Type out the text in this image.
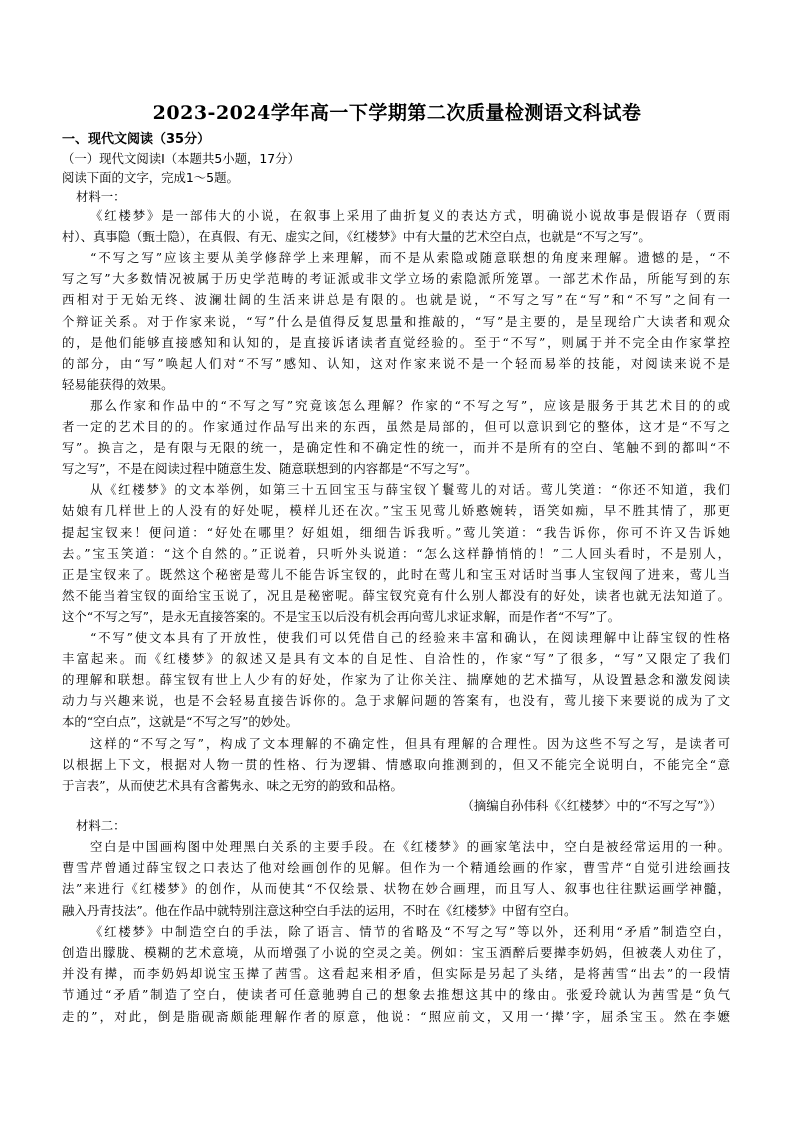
2023-2024学年高一下学期第二次质量检测语文科试卷
一、现代文阅读（35分）
（一）现代文阅读Ⅰ（本题共5小题，17分）
阅读下面的文字，完成1～5题。
材料一：
《红楼梦》是一部伟大的小说，在叙事上采用了曲折复义的表达方式，明确说小说故事是假语存（贾雨
村）、真事隐（甄士隐），在真假、有无、虚实之间，《红楼梦》中有大量的艺术空白点，也就是“不写之写”。
“不写之写”应该主要从美学修辞学上来理解，而不是从索隐或随意联想的角度来理解。遗憾的是，“不
写之写”大多数情况被属于历史学范畴的考证派或非文学立场的索隐派所笼罩。一部艺术作品，所能写到的东
西相对于无始无终、波澜壮阔的生活来讲总是有限的。也就是说，“不写之写”在“写”和“不写”之间有一
个辩证关系。对于作家来说，“写”什么是值得反复思量和推敲的，“写”是主要的，是呈现给广大读者和观众
的，是他们能够直接感知和认知的，是直接诉诸读者直觉经验的。至于“不写”，则属于并不完全由作家掌控
的部分，由“写”唤起人们对“不写”感知、认知，这对作家来说不是一个轻而易举的技能，对阅读来说不是
轻易能获得的效果。
那么作家和作品中的“不写之写”究竟该怎么理解？作家的“不写之写”，应该是服务于其艺术目的的或
者一定的艺术目的的。作家通过作品写出来的东西，虽然是局部的，但可以意识到它的整体，这才是“不写之
写”。换言之，是有限与无限的统一，是确定性和不确定性的统一，而并不是所有的空白、笔触不到的都叫“不
写之写”，不是在阅读过程中随意生发、随意联想到的内容都是“不写之写”。
从《红楼梦》的文本举例，如第三十五回宝玉与薛宝钗丫鬟莺儿的对话。莺儿笑道：“你还不知道，我们
姑娘有几样世上的人没有的好处呢，模样儿还在次。”宝玉见莺儿娇憨婉转，语笑如痴，早不胜其情了，那更
提起宝钗来！便问道：“好处在哪里？好姐姐，细细告诉我听。”莺儿笑道：“我告诉你，你可不许又告诉她
去。”宝玉笑道：“这个自然的。”正说着，只听外头说道：“怎么这样静悄悄的！”二人回头看时，不是别人，
正是宝钗来了。既然这个秘密是莺儿不能告诉宝钗的，此时在莺儿和宝玉对话时当事人宝钗闯了进来，莺儿当
然不能当着宝钗的面给宝玉说了，况且是秘密呢。薛宝钗究竟有什么别人都没有的好处，读者也就无法知道了。
这个“不写之写”，是永无直接答案的。不是宝玉以后没有机会再向莺儿求证求解，而是作者“不写”了。
“不写”使文本具有了开放性，使我们可以凭借自己的经验来丰富和确认，在阅读理解中让薛宝钗的性格
丰富起来。而《红楼梦》的叙述又是具有文本的自足性、自洽性的，作家“写”了很多，“写”又限定了我们
的理解和联想。薛宝钗有世上人少有的好处，作家为了让你关注、揣摩她的艺术描写，从设置悬念和激发阅读
动力与兴趣来说，也是不会轻易直接告诉你的。急于求解问题的答案有，也没有，莺儿接下来要说的成为了文
本的“空白点”，这就是“不写之写”的妙处。
这样的“不写之写”，构成了文本理解的不确定性，但具有理解的合理性。因为这些不写之写，是读者可
以根据上下文，根据对人物一贯的性格、行为逻辑、情感取向推测到的，但又不能完全说明白，不能完全“意
于言表”，从而使艺术具有含蓄隽永、味之无穷的韵致和品格。
（摘编自孙伟科《〈红楼梦〉中的“不写之写”》）
材料二：
空白是中国画构图中处理黑白关系的主要手段。在《红楼梦》的画家笔法中，空白是被经常运用的一种。
曹雪芹曾通过薛宝钗之口表达了他对绘画创作的见解。但作为一个精通绘画的作家，曹雪芹“自觉引进绘画技
法”来进行《红楼梦》的创作，从而使其“不仅绘景、状物在妙合画理，而且写人、叙事也往往默运画学神髓，
融入丹青技法”。他在作品中就特别注意这种空白手法的运用，不时在《红楼梦》中留有空白。
《红楼梦》中制造空白的手法，除了语言、情节的省略及“不写之写”等以外，还利用“矛盾”制造空白，
创造出朦胧、模糊的艺术意境，从而增强了小说的空灵之美。例如：宝玉酒醉后要撵李奶妈，但被袭人劝住了，
并没有撵，而李奶妈却说宝玉撵了茜雪。这看起来相矛盾，但实际是另起了头绪，是将茜雪“出去”的一段情
节通过“矛盾”制造了空白，使读者可任意驰骋自己的想象去推想这其中的缘由。张爱玲就认为茜雪是“负气
走的”，对此，倒是脂砚斋颇能理解作者的原意，他说：“照应前文，又用一‘撵’字，屈杀宝玉。然在李嬷
